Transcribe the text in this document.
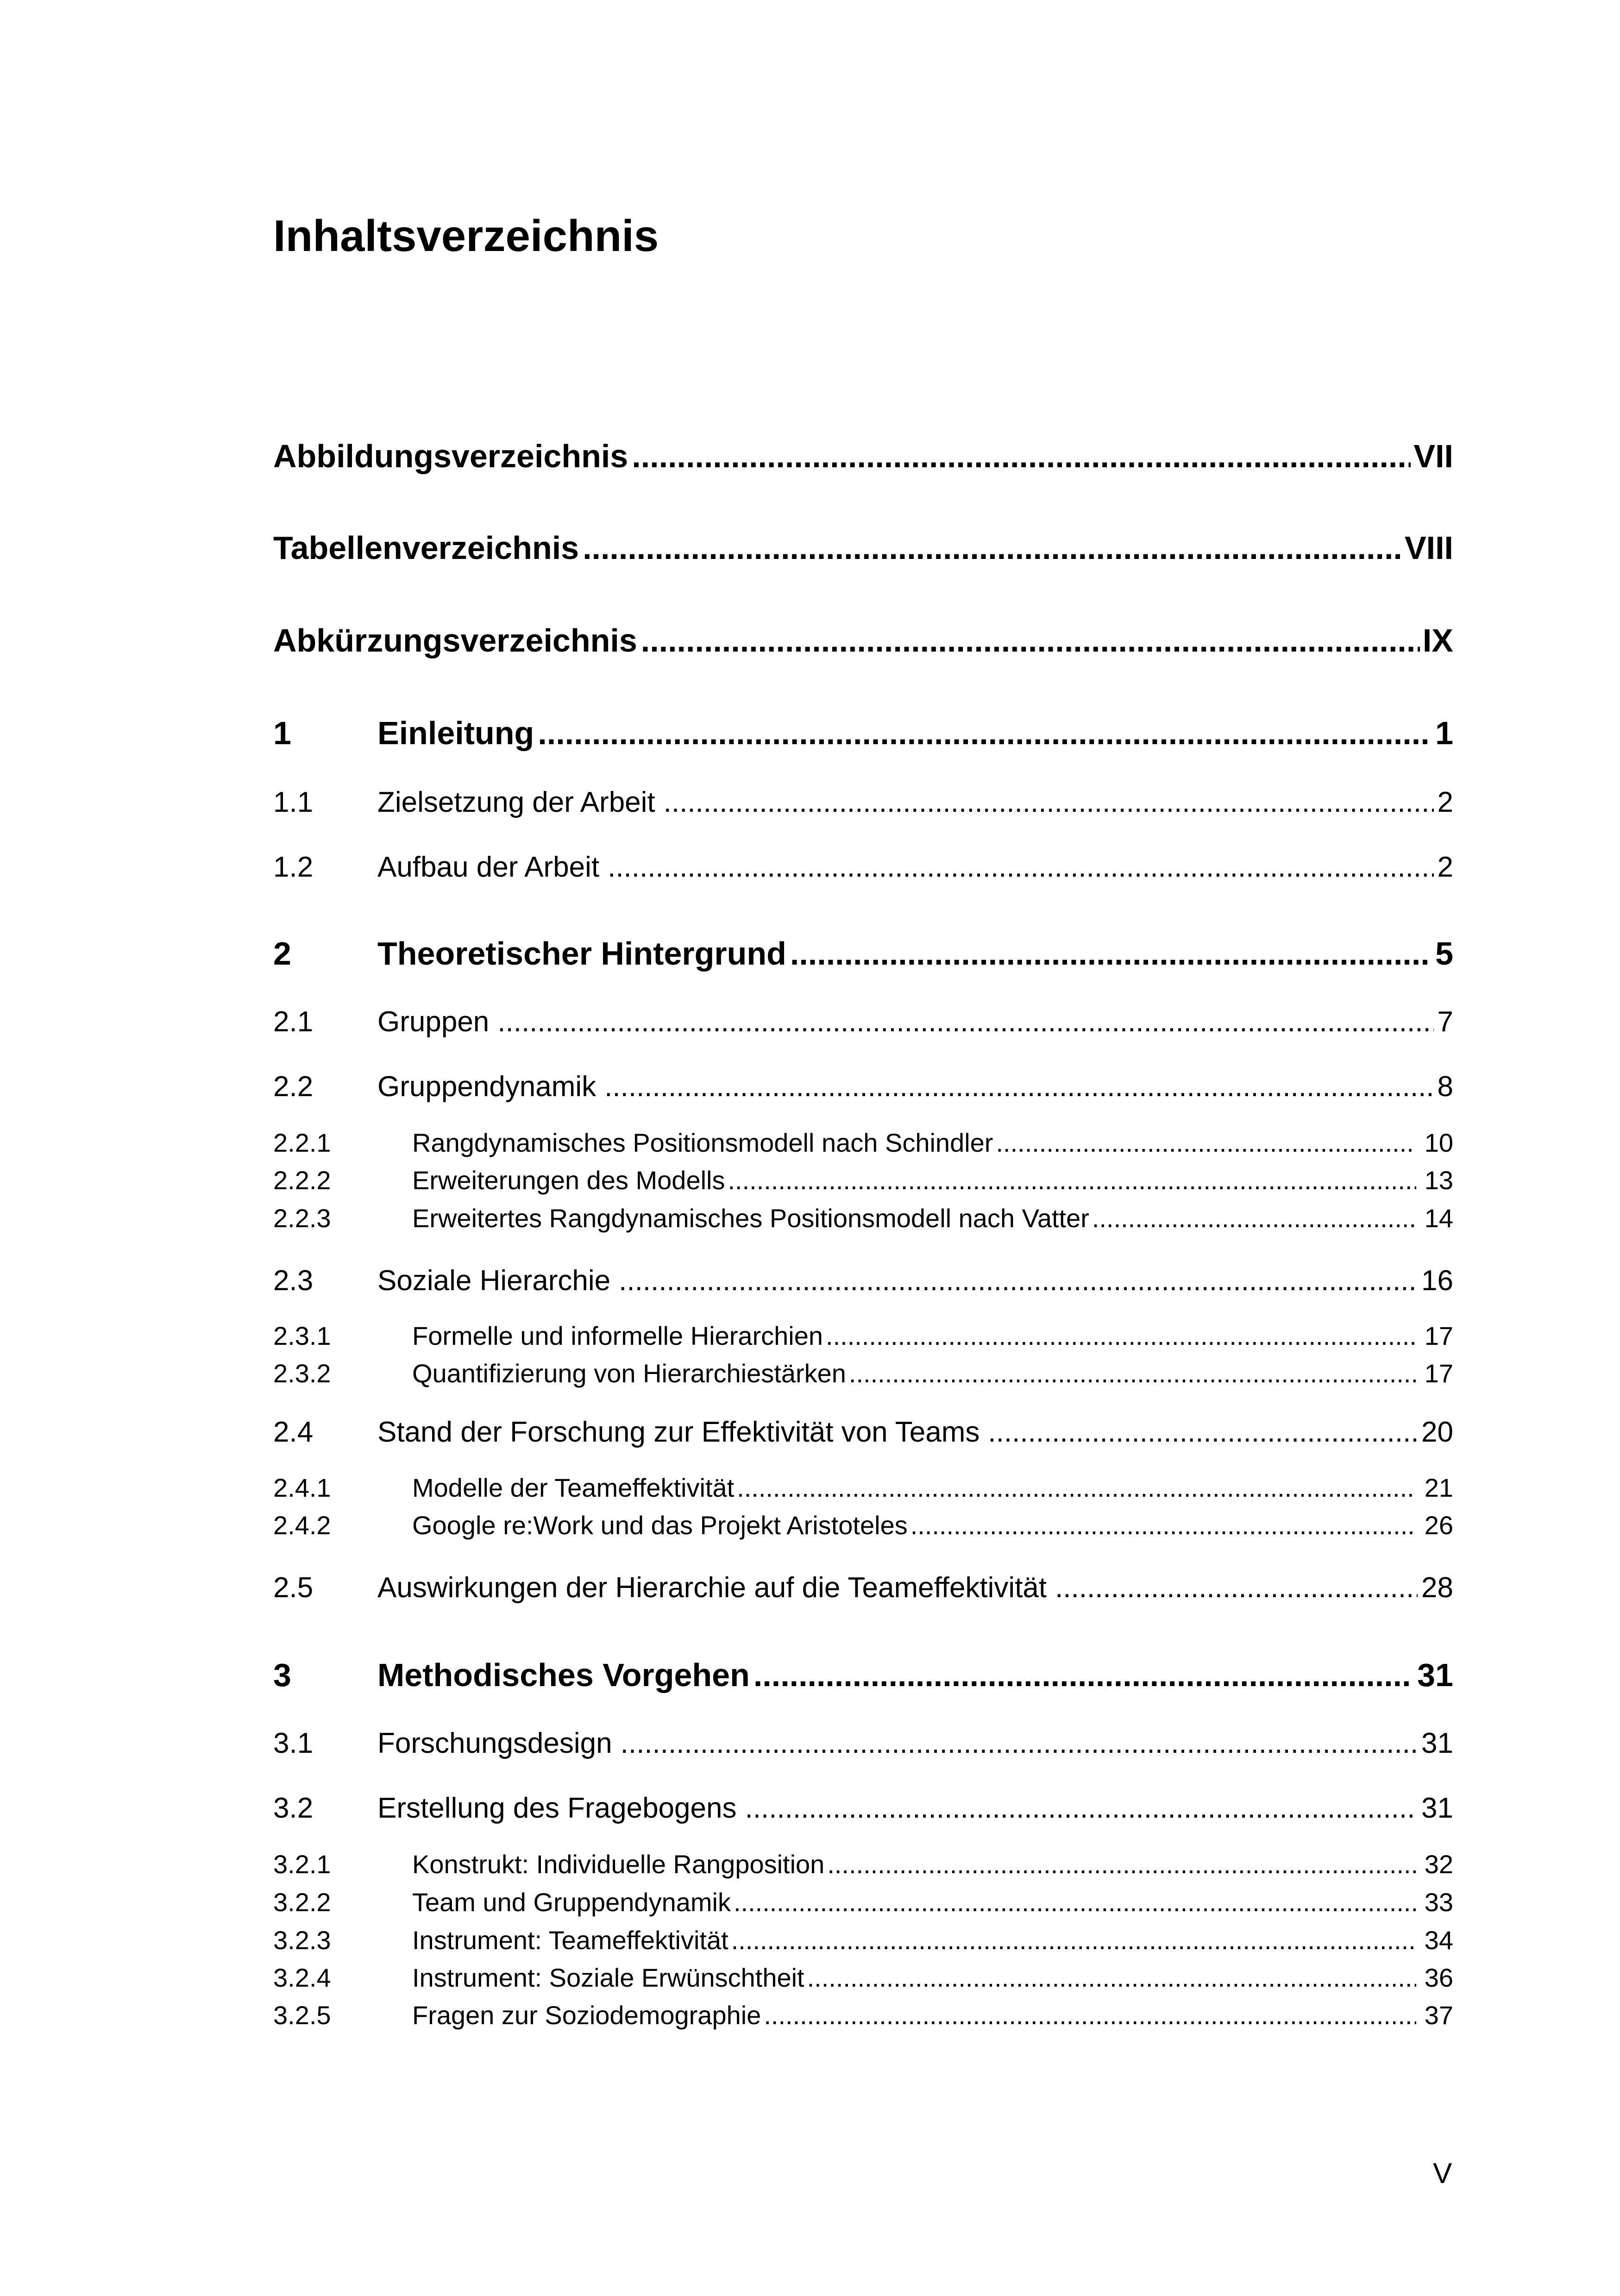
Inhaltsverzeichnis
Abbildungsverzeichnis .....	VII
Tabellenverzeichnis .....	VIII
Abkürzungsverzeichnis .....	IX
1	Einleitung .....	1
1.1	Zielsetzung der Arbeit .....	2
1.2	Aufbau der Arbeit .....	2
2	Theoretischer Hintergrund .....	5
2.1	Gruppen .....	7
2.2	Gruppendynamik .....	8
2.2.1	Rangdynamisches Positionsmodell nach Schindler .....	10
2.2.2	Erweiterungen des Modells .....	13
2.2.3	Erweitertes Rangdynamisches Positionsmodell nach Vatter .....	14
2.3	Soziale Hierarchie .....	16
2.3.1	Formelle und informelle Hierarchien .....	17
2.3.2	Quantifizierung von Hierarchiestärken .....	17
2.4	Stand der Forschung zur Effektivität von Teams .....	20
2.4.1	Modelle der Teameffektivität .....	21
2.4.2	Google re:Work und das Projekt Aristoteles .....	26
2.5	Auswirkungen der Hierarchie auf die Teameffektivität .....	28
3	Methodisches Vorgehen .....	31
3.1	Forschungsdesign .....	31
3.2	Erstellung des Fragebogens .....	31
3.2.1	Konstrukt: Individuelle Rangposition .....	32
3.2.2	Team und Gruppendynamik .....	33
3.2.3	Instrument: Teameffektivität .....	34
3.2.4	Instrument: Soziale Erwünschtheit .....	36
3.2.5	Fragen zur Soziodemographie .....	37
V
